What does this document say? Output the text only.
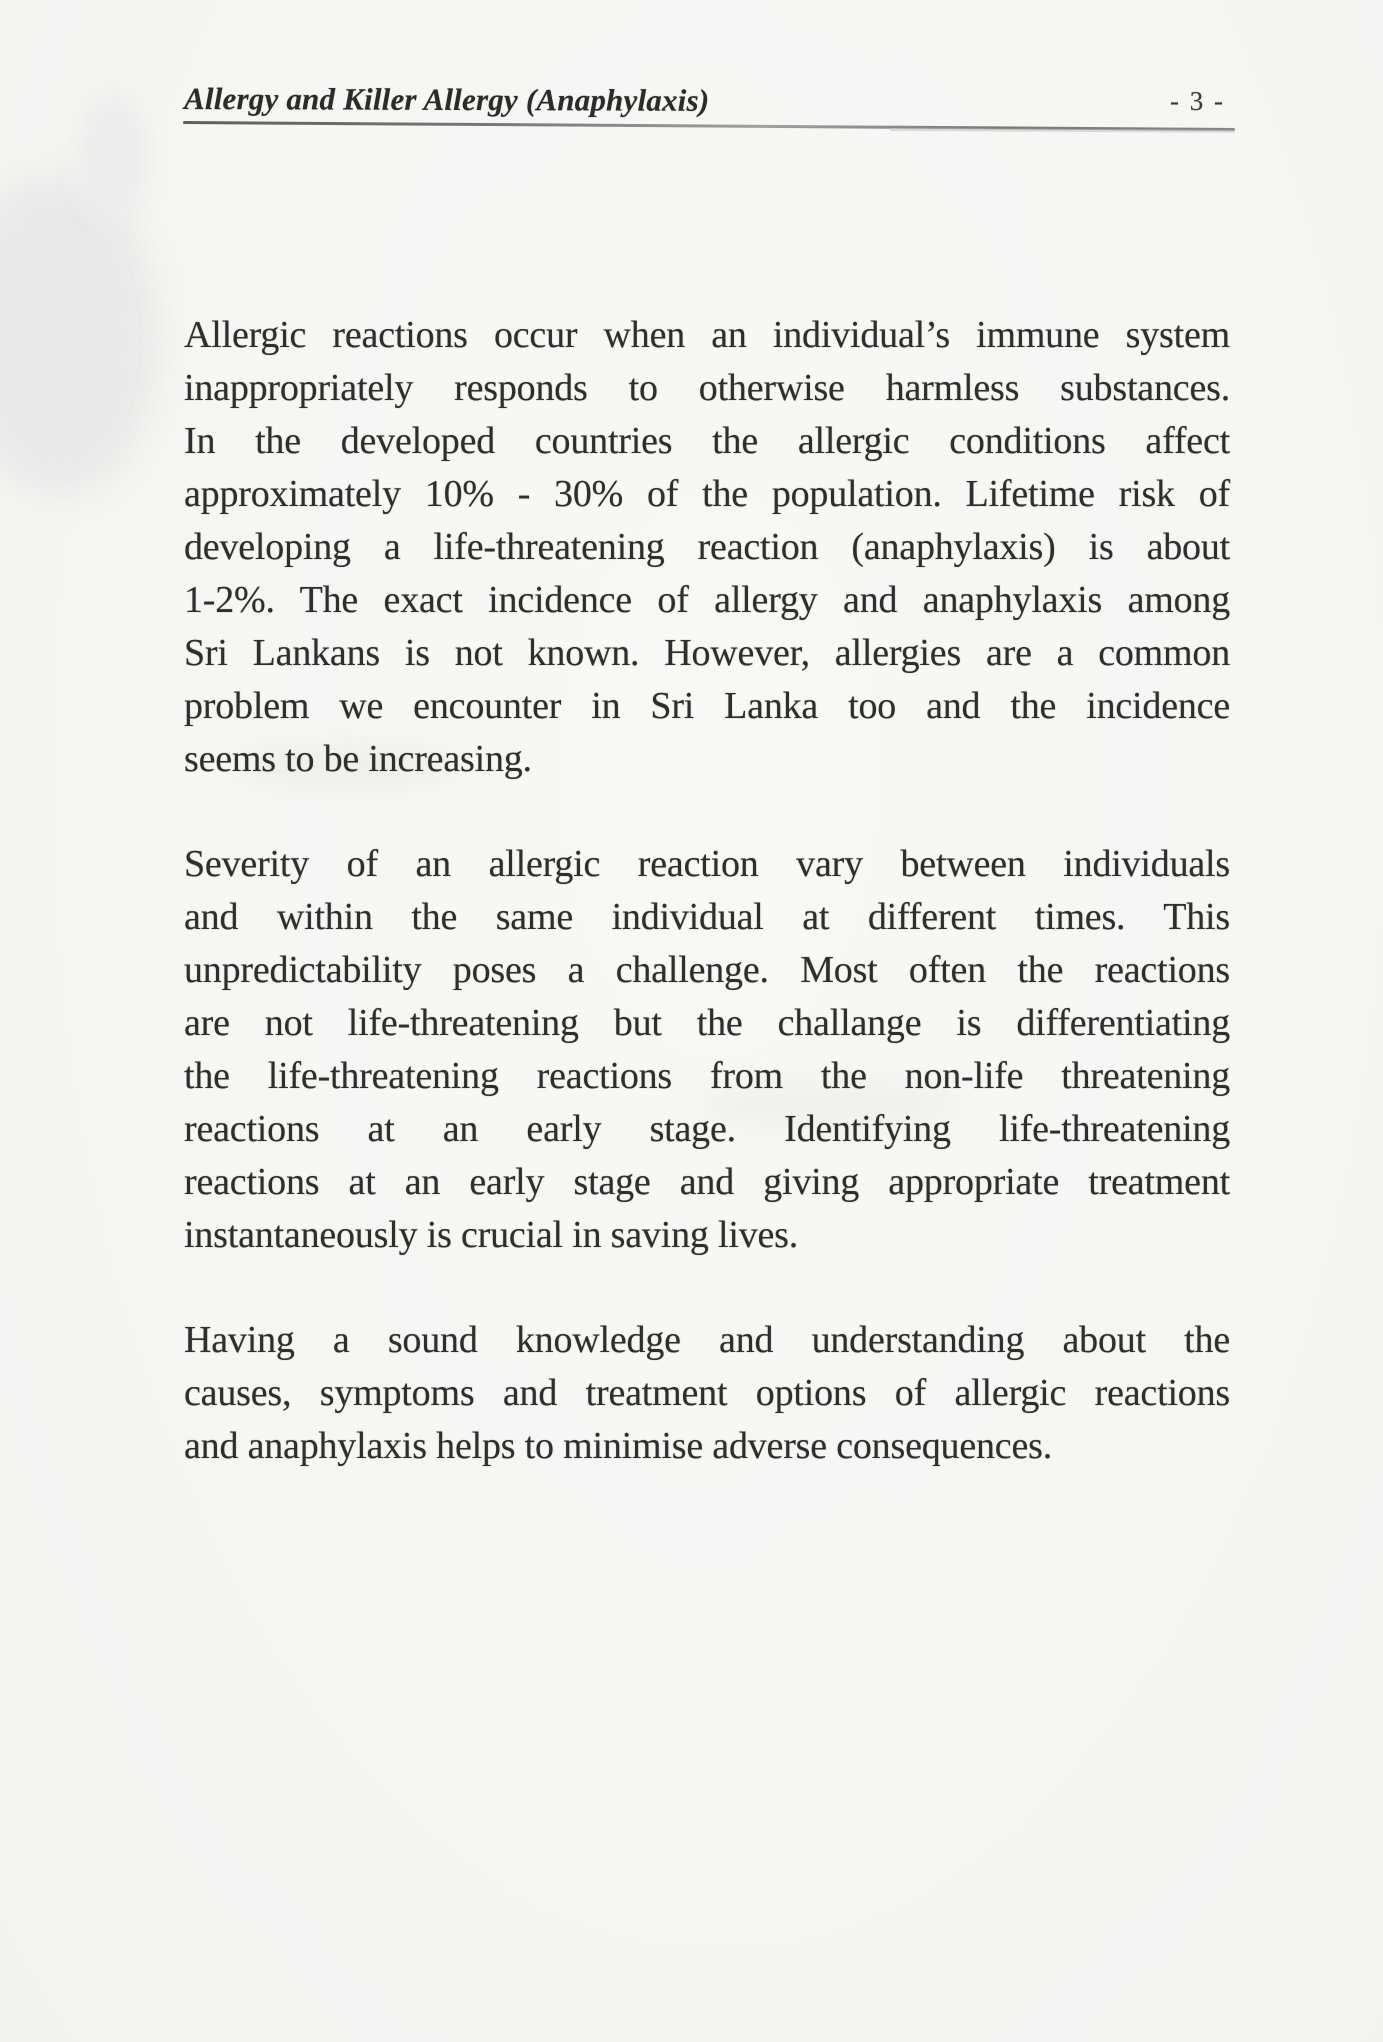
Allergy and Killer Allergy (Anaphylaxis)	- 3 -
Allergic reactions occur when an individual’s immune system
inappropriately responds to otherwise harmless substances.
In the developed countries the allergic conditions affect
approximately 10% - 30% of the population. Lifetime risk of
developing a life-threatening reaction (anaphylaxis) is about
1-2%. The exact incidence of allergy and anaphylaxis among
Sri Lankans is not known. However, allergies are a common
problem we encounter in Sri Lanka too and the incidence
seems to be increasing.
Severity of an allergic reaction vary between individuals
and within the same individual at different times. This
unpredictability poses a challenge. Most often the reactions
are not life-threatening but the challange is differentiating
the life-threatening reactions from the non-life threatening
reactions at an early stage. Identifying life-threatening
reactions at an early stage and giving appropriate treatment
instantaneously is crucial in saving lives.
Having a sound knowledge and understanding about the
causes, symptoms and treatment options of allergic reactions
and anaphylaxis helps to minimise adverse consequences.
